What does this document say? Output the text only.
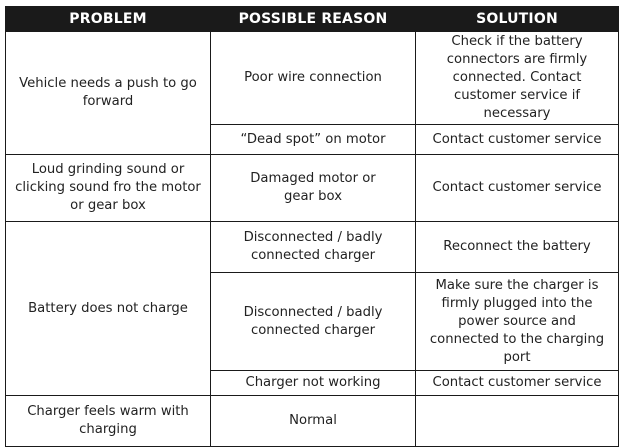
PROBLEM	POSSIBLE REASON	SOLUTION
Vehicle needs a push to go forward	Poor wire connection	Check if the battery connectors are firmly connected. Contact customer service if necessary
	“Dead spot” on motor	Contact customer service
Loud grinding sound or clicking sound fro the motor or gear box	Damaged motor or gear box	Contact customer service
Battery does not charge	Disconnected / badly connected charger	Reconnect the battery
	Disconnected / badly connected charger	Make sure the charger is firmly plugged into the power source and connected to the charging port
	Charger not working	Contact customer service
Charger feels warm with charging	Normal	
